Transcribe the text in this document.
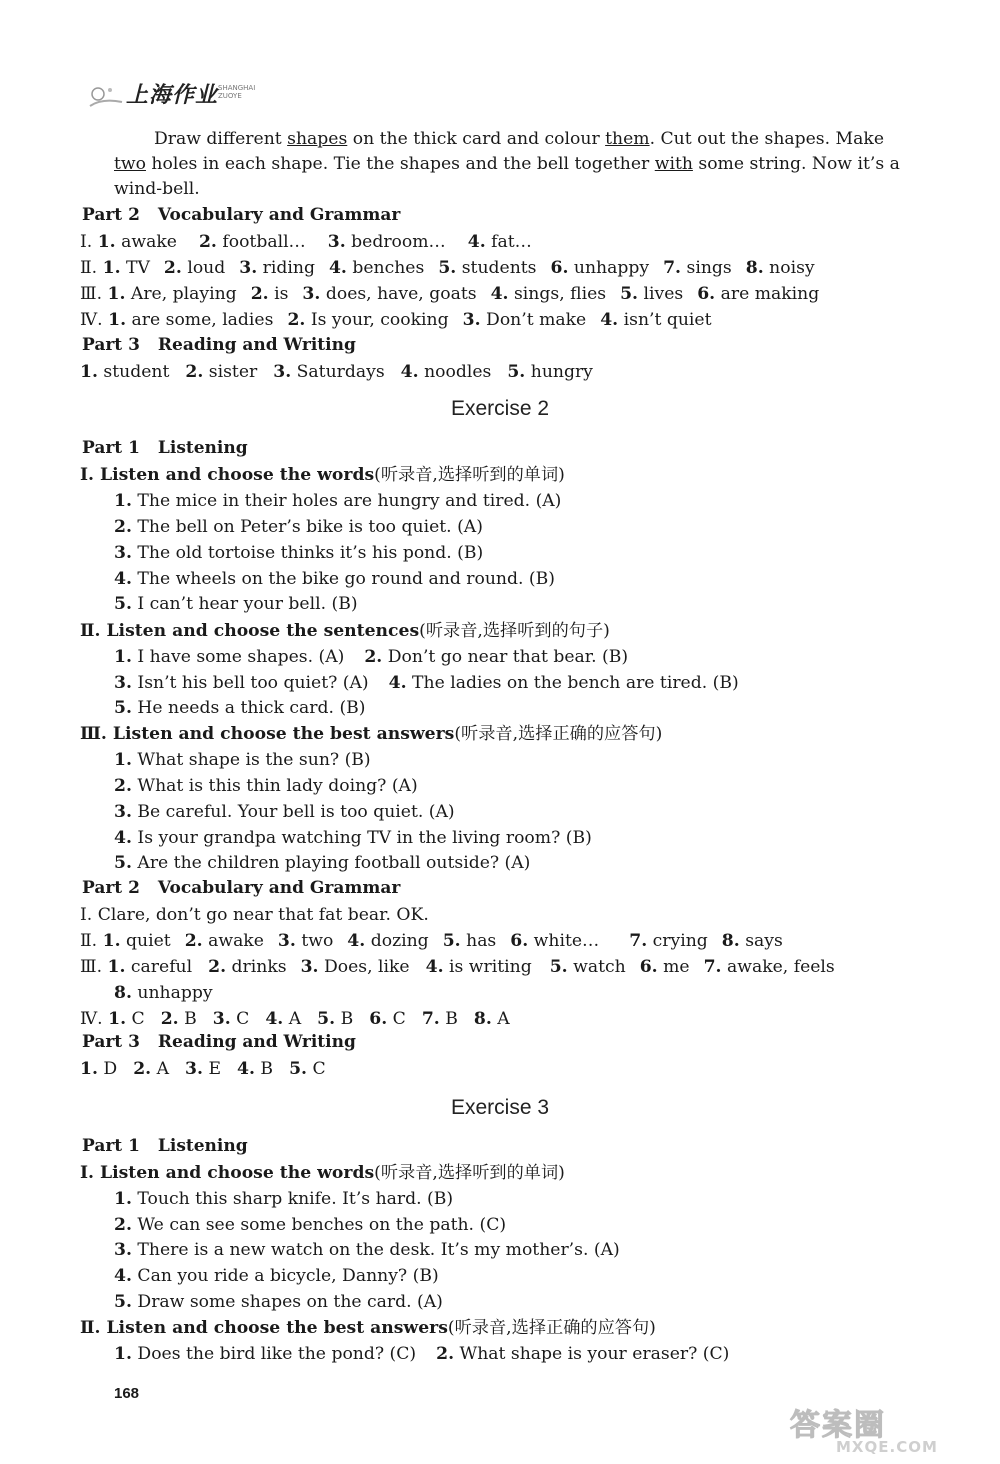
上海作业 SHANGHAI ZUOYE
Draw different shapes on the thick card and colour them. Cut out the shapes. Make
two holes in each shape. Tie the shapes and the bell together with some string. Now it’s a wind-bell.
Part 2 Vocabulary and Grammar
Ⅰ. 1. awake 2. football… 3. bedroom… 4. fat…
Ⅱ. 1. TV 2. loud 3. riding 4. benches 5. students 6. unhappy 7. sings 8. noisy
Ⅲ. 1. Are, playing 2. is 3. does, have, goats 4. sings, flies 5. lives 6. are making
Ⅳ. 1. are some, ladies 2. Is your, cooking 3. Don’t make 4. isn’t quiet
Part 3 Reading and Writing
1. student 2. sister 3. Saturdays 4. noodles 5. hungry
Exercise 2
Part 1 Listening
Ⅰ. Listen and choose the words(听录音,选择听到的单词)
1. The mice in their holes are hungry and tired. (A)
2. The bell on Peter’s bike is too quiet. (A)
3. The old tortoise thinks it’s his pond. (B)
4. The wheels on the bike go round and round. (B)
5. I can’t hear your bell. (B)
Ⅱ. Listen and choose the sentences(听录音,选择听到的句子)
1. I have some shapes. (A) 2. Don’t go near that bear. (B)
3. Isn’t his bell too quiet? (A) 4. The ladies on the bench are tired. (B)
5. He needs a thick card. (B)
Ⅲ. Listen and choose the best answers(听录音,选择正确的应答句)
1. What shape is the sun? (B)
2. What is this thin lady doing? (A)
3. Be careful. Your bell is too quiet. (A)
4. Is your grandpa watching TV in the living room? (B)
5. Are the children playing football outside? (A)
Part 2 Vocabulary and Grammar
Ⅰ. Clare, don’t go near that fat bear. OK.
Ⅱ. 1. quiet 2. awake 3. two 4. dozing 5. has 6. white… 7. crying 8. says
Ⅲ. 1. careful 2. drinks 3. Does, like 4. is writing 5. watch 6. me 7. awake, feels
8. unhappy
Ⅳ. 1. C 2. B 3. C 4. A 5. B 6. C 7. B 8. A
Part 3 Reading and Writing
1. D 2. A 3. E 4. B 5. C
Exercise 3
Part 1 Listening
Ⅰ. Listen and choose the words(听录音,选择听到的单词)
1. Touch this sharp knife. It’s hard. (B)
2. We can see some benches on the path. (C)
3. There is a new watch on the desk. It’s my mother’s. (A)
4. Can you ride a bicycle, Danny? (B)
5. Draw some shapes on the card. (A)
Ⅱ. Listen and choose the best answers(听录音,选择正确的应答句)
1. Does the bird like the pond? (C) 2. What shape is your eraser? (C)
168
答案圈
MXQE.COM
